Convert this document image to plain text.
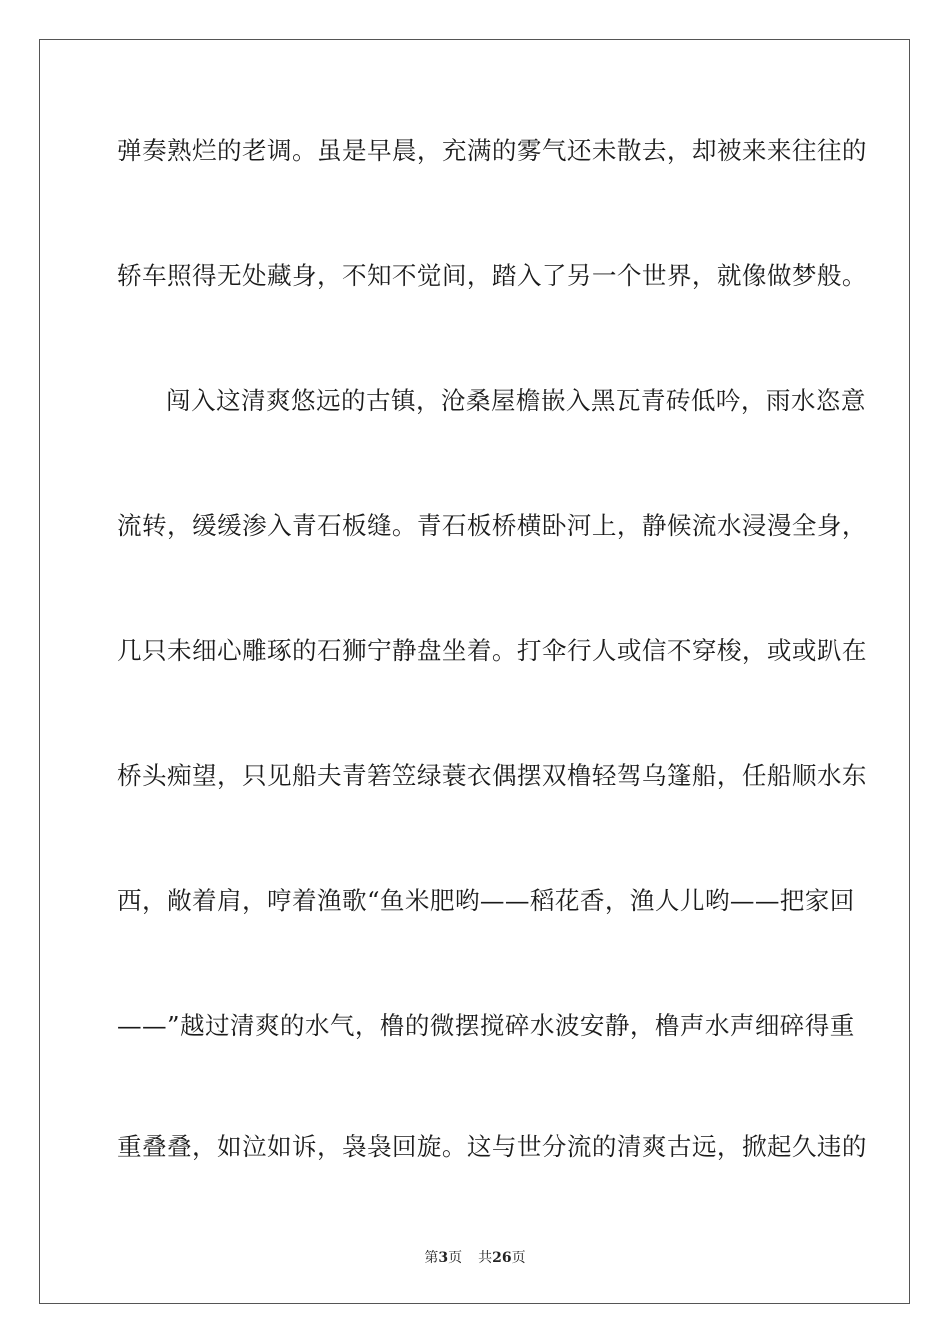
弹奏熟烂的老调。虽是早晨，充满的雾气还未散去，却被来来往往的
轿车照得无处藏身，不知不觉间，踏入了另一个世界，就像做梦般。
闯入这清爽悠远的古镇，沧桑屋檐嵌入黑瓦青砖低吟，雨水恣意
流转，缓缓渗入青石板缝。青石板桥横卧河上，静候流水浸漫全身，
几只未细心雕琢的石狮宁静盘坐着。打伞行人或信不穿梭，或或趴在
桥头痴望，只见船夫青箬笠绿蓑衣偶摆双橹轻驾乌篷船，任船顺水东
西，敞着肩，哼着渔歌“鱼米肥哟——稻花香，渔人儿哟——把家回
——”越过清爽的水气，橹的微摆搅碎水波安静，橹声水声细碎得重
重叠叠，如泣如诉，袅袅回旋。这与世分流的清爽古远，掀起久违的
第3页 共26页
